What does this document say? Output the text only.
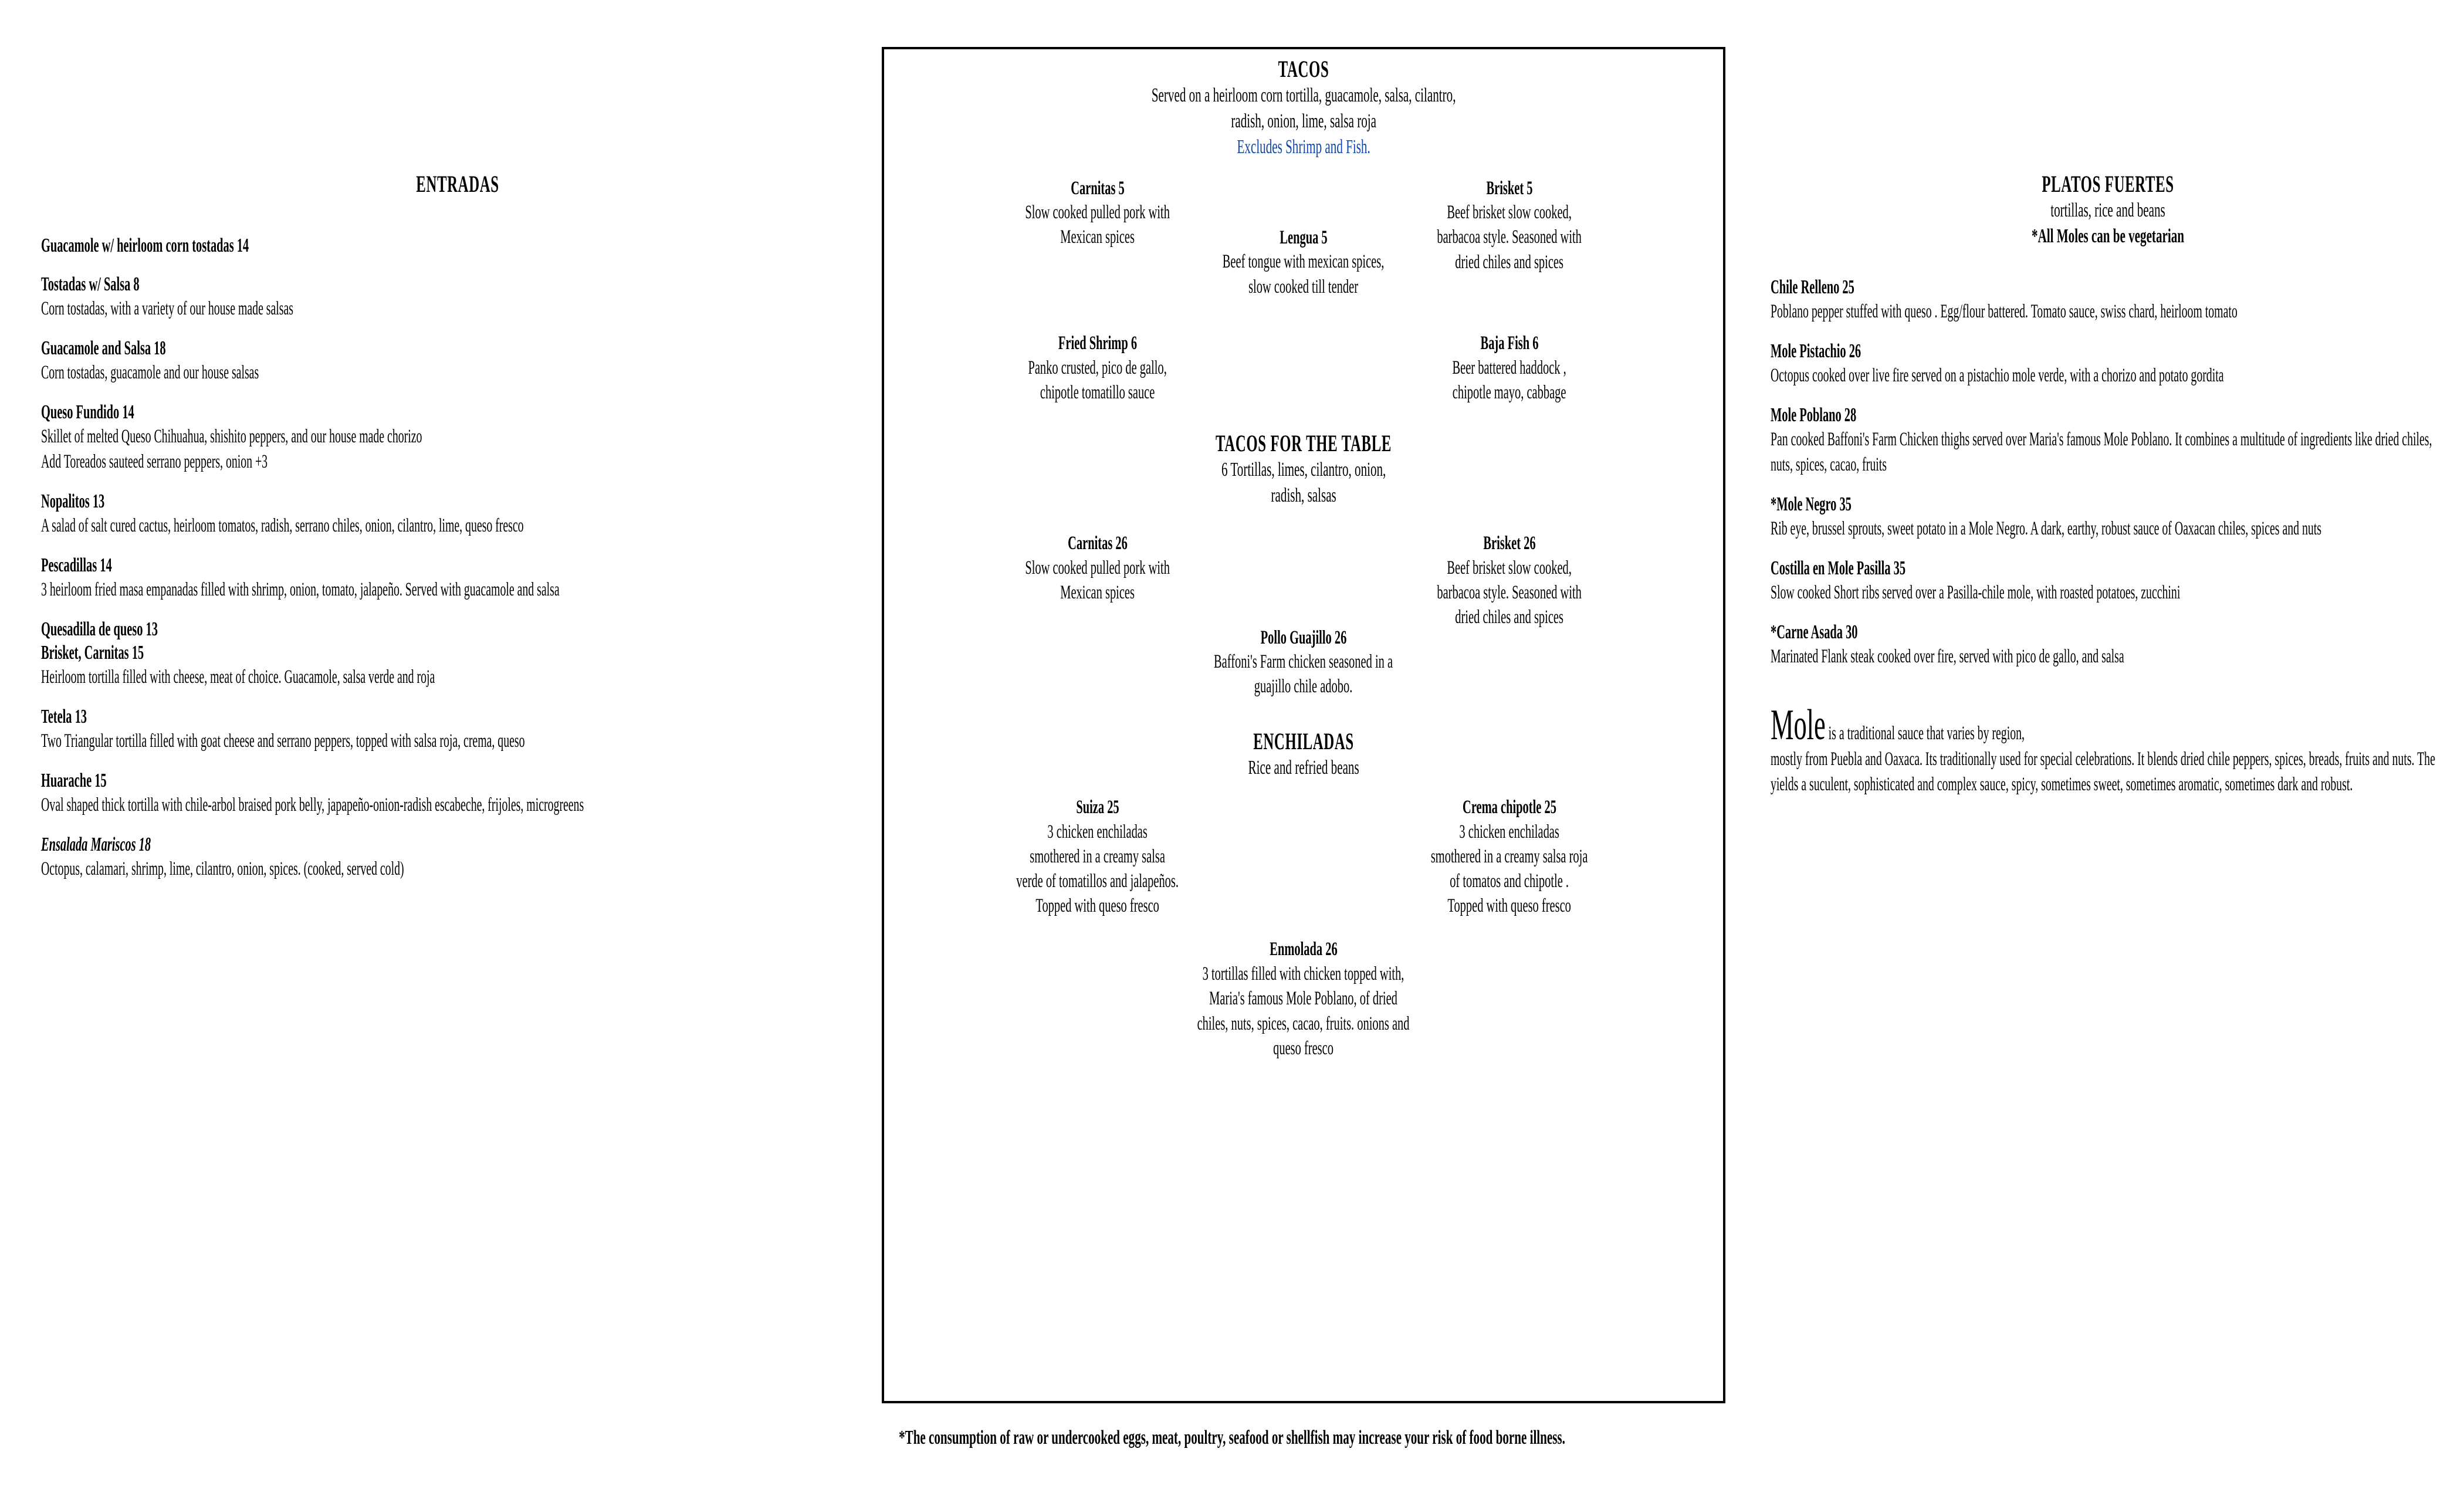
ENTRADAS
Guacamole w/ heirloom corn tostadas 14
Tostadas w/ Salsa 8
Corn tostadas, with a variety of our house made salsas
Guacamole and Salsa 18
Corn tostadas, guacamole and our house salsas
Queso Fundido 14
Skillet of melted Queso Chihuahua, shishito peppers, and our house made chorizo
Add Toreados sauteed serrano peppers, onion +3
Nopalitos 13
A salad of salt cured cactus, heirloom tomatos, radish, serrano chiles, onion, cilantro, lime, queso fresco
Pescadillas 14
3 heirloom fried masa empanadas filled with shrimp, onion, tomato, jalapeño. Served with guacamole and salsa
Quesadilla de queso 13
Brisket, Carnitas 15
Heirloom tortilla filled with cheese, meat of choice. Guacamole, salsa verde and roja
Tetela 13
Two Triangular tortilla filled with goat cheese and serrano peppers, topped with salsa roja, crema, queso
Huarache 15
Oval shaped thick tortilla with chile-arbol braised pork belly, japapeño-onion-radish escabeche, frijoles, microgreens
Ensalada Mariscos 18
Octopus, calamari, shrimp, lime, cilantro, onion, spices. (cooked, served cold)
TACOS
Served on a heirloom corn tortilla, guacamole, salsa, cilantro,
radish, onion, lime, salsa roja
Excludes Shrimp and Fish.
Carnitas 5
Slow cooked pulled pork with
Mexican spices
Brisket 5
Beef brisket slow cooked,
barbacoa style. Seasoned with
dried chiles and spices
Lengua 5
Beef tongue with mexican spices,
slow cooked till tender
Fried Shrimp 6
Panko crusted, pico de gallo,
chipotle tomatillo sauce
Baja Fish 6
Beer battered haddock ,
chipotle mayo, cabbage
TACOS FOR THE TABLE
6 Tortillas, limes, cilantro, onion,
radish, salsas
Carnitas 26
Slow cooked pulled pork with
Mexican spices
Brisket 26
Beef brisket slow cooked,
barbacoa style. Seasoned with
dried chiles and spices
Pollo Guajillo 26
Baffoni's Farm chicken seasoned in a
guajillo chile adobo.
ENCHILADAS
Rice and refried beans
Suiza 25
3 chicken enchiladas
smothered in a creamy salsa
verde of tomatillos and jalapeños.
Topped with queso fresco
Crema chipotle 25
3 chicken enchiladas
smothered in a creamy salsa roja
of tomatos and chipotle .
Topped with queso fresco
Enmolada 26
3 tortillas filled with chicken topped with,
Maria's famous Mole Poblano, of dried
chiles, nuts, spices, cacao, fruits. onions and
queso fresco
PLATOS FUERTES
tortillas, rice and beans
*All Moles can be vegetarian
Chile Relleno 25
Poblano pepper stuffed with queso . Egg/flour battered. Tomato sauce, swiss chard, heirloom tomato
Mole Pistachio 26
Octopus cooked over live fire served on a pistachio mole verde, with a chorizo and potato gordita
Mole Poblano 28
Pan cooked Baffoni's Farm Chicken thighs served over Maria's famous Mole Poblano. It combines a multitude of ingredients like dried chiles, nuts, spices, cacao, fruits
*Mole Negro 35
Rib eye, brussel sprouts, sweet potato in a Mole Negro. A dark, earthy, robust sauce of Oaxacan chiles, spices and nuts
Costilla en Mole Pasilla 35
Slow cooked Short ribs served over a Pasilla-chile mole, with roasted potatoes, zucchini
*Carne Asada 30
Marinated Flank steak cooked over fire, served with pico de gallo, and salsa
Mole is a traditional sauce that varies by region,
mostly from Puebla and Oaxaca. Its traditionally used for special celebrations. It blends dried chile peppers, spices, breads, fruits and nuts. The yields a suculent, sophisticated and complex sauce, spicy, sometimes sweet, sometimes aromatic, sometimes dark and robust.
*The consumption of raw or undercooked eggs, meat, poultry, seafood or shellfish may increase your risk of food borne illness.
